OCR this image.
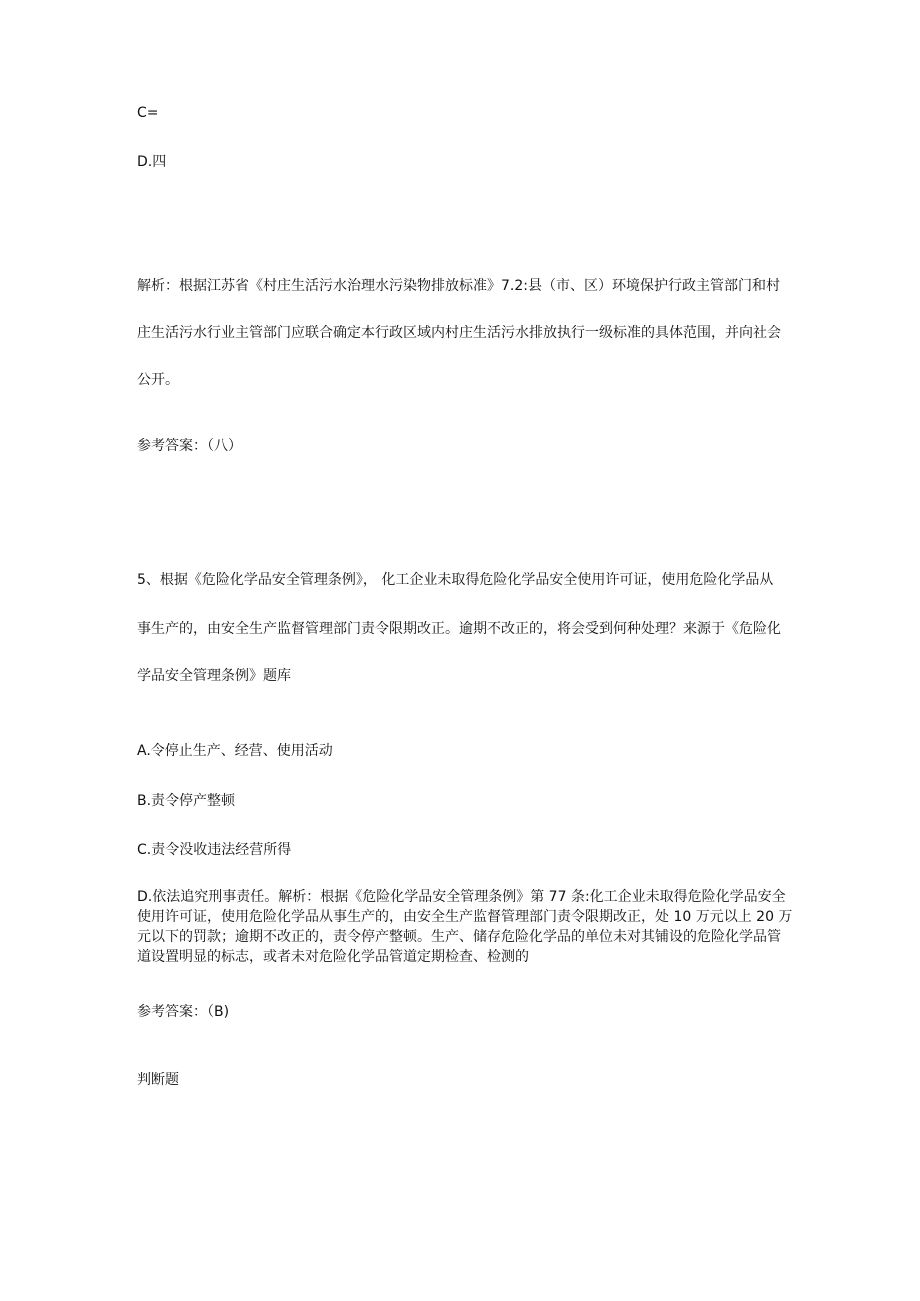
C=
D.四
解析：根据江苏省《村庄生活污水治理水污染物排放标准》7.2:县（市、区）环境保护行政主管部门和村
庄生活污水行业主管部门应联合确定本行政区域内村庄生活污水排放执行一级标准的具体范围，并向社会
公开。
参考答案：（八）
5、根据《危险化学品安全管理条例》， 化工企业未取得危险化学品安全使用许可证，使用危险化学品从
事生产的，由安全生产监督管理部门责令限期改正。逾期不改正的，将会受到何种处理？来源于《危险化
学品安全管理条例》题库
A.令停止生产、经营、使用活动
B.责令停产整顿
C.责令没收违法经营所得
D.依法追究刑事责任。解析：根据《危险化学品安全管理条例》第 77 条:化工企业未取得危险化学品安全
使用许可证，使用危险化学品从事生产的，由安全生产监督管理部门责令限期改正，处 10 万元以上 20 万
元以下的罚款；逾期不改正的，责令停产整顿。生产、储存危险化学品的单位未对其铺设的危险化学品管
道设置明显的标志，或者未对危险化学品管道定期检查、检测的
参考答案：（B)
判断题
